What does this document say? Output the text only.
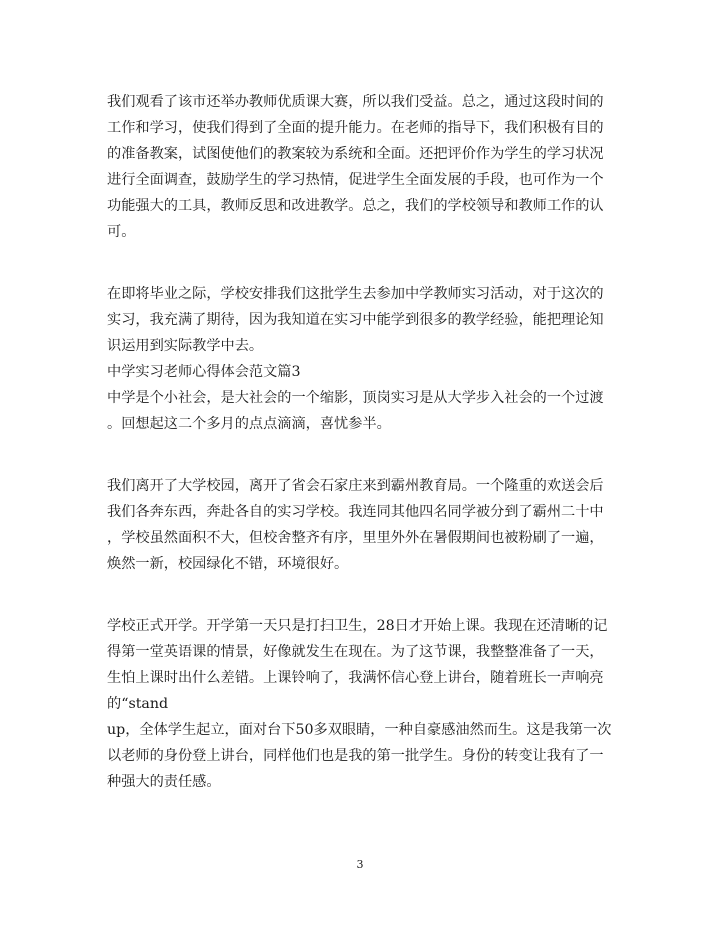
我们观看了该市还举办教师优质课大赛，所以我们受益。总之，通过这段时间的
工作和学习，使我们得到了全面的提升能力。在老师的指导下，我们积极有目的
的准备教案，试图使他们的教案较为系统和全面。还把评价作为学生的学习状况
进行全面调查，鼓励学生的学习热情，促进学生全面发展的手段，也可作为一个
功能强大的工具，教师反思和改进教学。总之，我们的学校领导和教师工作的认
可。
在即将毕业之际，学校安排我们这批学生去参加中学教师实习活动，对于这次的
实习，我充满了期待，因为我知道在实习中能学到很多的教学经验，能把理论知
识运用到实际教学中去。
中学实习老师心得体会范文篇3
中学是个小社会，是大社会的一个缩影，顶岗实习是从大学步入社会的一个过渡
。回想起这二个多月的点点滴滴，喜忧参半。
我们离开了大学校园，离开了省会石家庄来到霸州教育局。一个隆重的欢送会后
我们各奔东西，奔赴各自的实习学校。我连同其他四名同学被分到了霸州二十中
，学校虽然面积不大，但校舍整齐有序，里里外外在暑假期间也被粉刷了一遍，
焕然一新，校园绿化不错，环境很好。
学校正式开学。开学第一天只是打扫卫生，28日才开始上课。我现在还清晰的记
得第一堂英语课的情景，好像就发生在现在。为了这节课，我整整准备了一天，
生怕上课时出什么差错。上课铃响了，我满怀信心登上讲台，随着班长一声响亮
的“stand
up，全体学生起立，面对台下50多双眼睛，一种自豪感油然而生。这是我第一次
以老师的身份登上讲台，同样他们也是我的第一批学生。身份的转变让我有了一
种强大的责任感。
3
